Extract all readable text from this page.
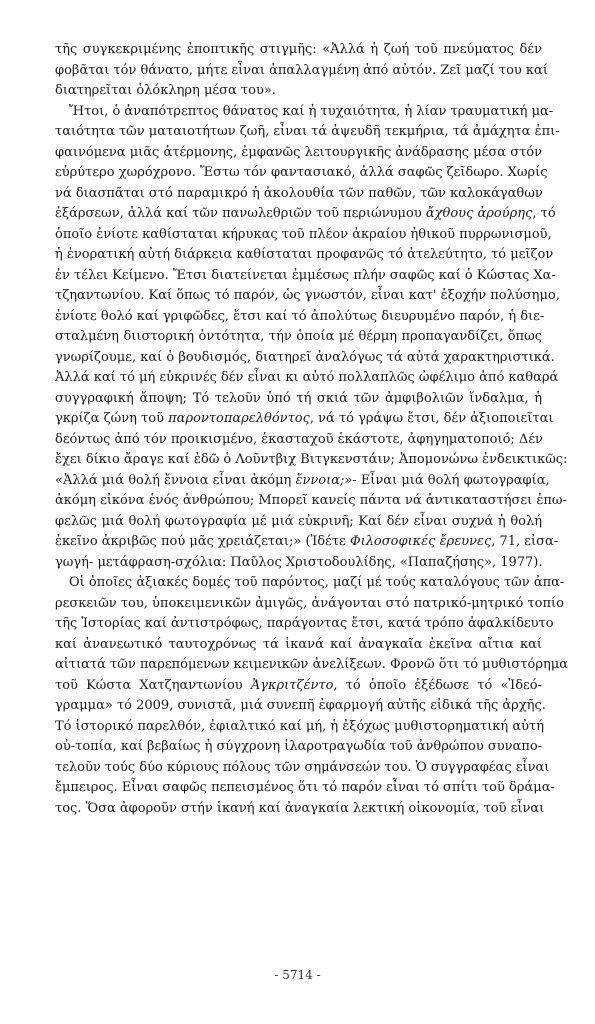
τῆς συγκεκριμένης ἐποπτικῆς στιγμῆς: «Ἀλλά ἡ ζωή τοῦ πνεύματος δέν
φοβᾶται τόν θάνατο, μήτε εἶναι ἀπαλλαγμένη ἀπό αὐτόν. Ζεῖ μαζί του καί
διατηρεῖται ὁλόκληρη μέσα του».
Ἤτοι, ὁ ἀναπότρεπτος θάνατος καί ἡ τυχαιότητα, ἡ λίαν τραυματική μα-
ταιότητα τῶν ματαιοτήτων ζωῆ, εἶναι τά ἀψευδῆ τεκμήρια, τά ἀμάχητα ἐπι-
φαινόμενα μιᾶς ἀτέρμονης, ἐμφανῶς λειτουργικῆς ἀνάδρασης μέσα στόν
εὐρύτερο χωρόχρονο. Ἔστω τόν φαντασιακό, ἀλλά σαφῶς ζεῖδωρο. Χωρίς
νά διασπᾶται στό παραμικρό ἡ ἀκολουθία τῶν παθῶν, τῶν καλοκάγαθων
ἐξάρσεων, ἀλλά καί τῶν πανωλεθριῶν τοῦ περιώνυμου ἄχθους ἀρούρης, τό
ὁποῖο ἐνίοτε καθίσταται κήρυκας τοῦ πλέον ἀκραίου ἠθικοῦ πυρρωνισμοῦ,
ἡ ἐνορατική αὐτή διάρκεια καθίσταται προφανῶς τό ἀτελεύτητο, τό μεῖζον
ἐν τέλει Κείμενο. Ἔτσι διατείνεται ἐμμέσως πλήν σαφῶς καί ὁ Κώστας Χα-
τζηαντωνίου. Καί ὅπως τό παρόν, ὡς γνωστόν, εἶναι κατ' ἐξοχήν πολύσημο,
ἐνίοτε θολό καί γριφῶδες, ἔτσι καί τό ἀπολύτως διευρυμένο παρόν, ἡ διε-
σταλμένη διιστορική ὀντότητα, τήν ὁποία μέ θέρμη προπαγανδίζει, ὅπως
γνωρίζουμε, καί ὁ βουδισμός, διατηρεῖ ἀναλόγως τά αὐτά χαρακτηριστικά.
Ἀλλά καί τό μή εὐκρινές δέν εἶναι κι αὐτό πολλαπλῶς ὠφέλιμο ἀπό καθαρά
συγγραφική ἄποψη; Τό τελοῦν ὑπό τή σκιά τῶν ἀμφιβολιῶν ἴνδαλμα, ἡ
γκρίζα ζώνη τοῦ παροντοπαρελθόντος, νά τό γράψω ἔτσι, δέν ἀξιοποιεῖται
δεόντως ἀπό τόν προικισμένο, ἑκασταχοῦ ἑκάστοτε, ἀφηγηματοποιό; Δέν
ἔχει δίκιο ἄραγε καί ἐδῶ ὁ Λοῦντβιχ Βιτγκενστάιν; Ἀπομονώνω ἐνδεικτικῶς:
«Ἀλλά μιά θολή ἔννοια εἶναι ἀκόμη ἔννοια;»- Εἶναι μιά θολή φωτογραφία,
ἀκόμη εἰκόνα ἑνός ἀνθρώπου; Μπορεῖ κανείς πάντα νά ἀντικαταστήσει ἐπω-
φελῶς μιά θολή φωτογραφία μέ μιά εὐκρινῆ; Καί δέν εἶναι συχνά ἡ θολή
ἐκεῖνο ἀκριβῶς πού μᾶς χρειάζεται;» (Ἰδέτε Φιλοσοφικές ἔρευνες, 71, εἰσα-
γωγή- μετάφραση-σχόλια: Παῦλος Χριστοδουλίδης, «Παπαζήσης», 1977).
Οἱ ὁποῖες ἀξιακές δομές τοῦ παρόντος, μαζί μέ τούς καταλόγους τῶν ἀπα-
ρεσκειῶν του, ὑποκειμενικῶν ἀμιγῶς, ἀνάγονται στό πατρικό-μητρικό τοπίο
τῆς Ἱστορίας καί ἀντιστρόφως, παράγοντας ἔτσι, κατά τρόπο ἀφαλκίδευτο
καί ἀνανεωτικό ταυτοχρόνως τά ἱκανά καί ἀναγκαῖα ἐκεῖνα αἴτια καί
αἰτιατά τῶν παρεπόμενων κειμενικῶν ἀνελίξεων. Φρονῶ ὅτι τό μυθιστόρημα
τοῦ Κώστα Χατζηαντωνίου Ἀγκριτζέντο, τό ὁποῖο ἐξέδωσε τό «Ἰδεό-
γραμμα» τό 2009, συνιστᾶ, μιά συνεπῆ ἐφαρμογή αὐτῆς εἰδικά τῆς ἀρχῆς.
Τό ἱστορικό παρελθόν, ἐφιαλτικό καί μή, ἡ ἐξόχως μυθιστορηματική αὐτή
οὐ-τοπία, καί βεβαίως ἡ σύγχρονη ἱλαροτραγωδία τοῦ ἀνθρώπου συναπο-
τελοῦν τούς δύο κύριους πόλους τῶν σημάνσεών του. Ὁ συγγραφέας εἶναι
ἔμπειρος. Εἶναι σαφῶς πεπεισμένος ὅτι τό παρόν εἶναι τό σπίτι τοῦ δράμα-
τος. Ὅσα ἀφοροῦν στήν ἱκανή καί ἀναγκαία λεκτική οἰκονομία, τοῦ εἶναι
- 5714 -
